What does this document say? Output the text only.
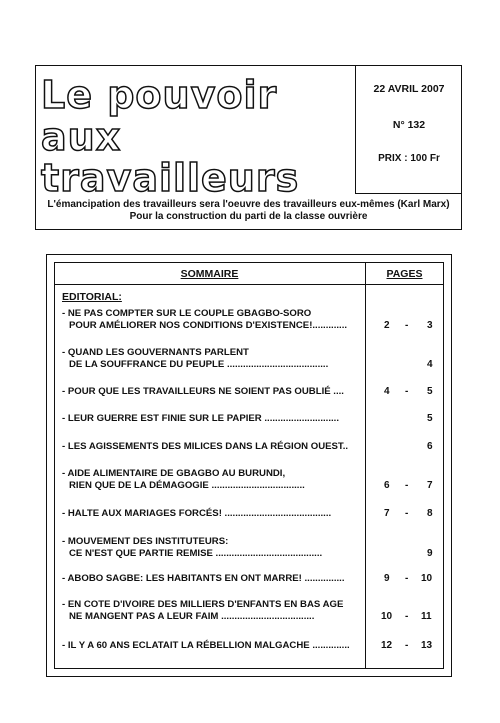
22 AVRIL 2007
N° 132
PRIX : 100 Fr
Le pouvoir
aux
travailleurs
L'émancipation des travailleurs sera l'oeuvre des travailleurs eux-mêmes (Karl Marx)
Pour la construction du parti de la classe ouvrière
SOMMAIRE	PAGES
EDITORIAL:
- NE PAS COMPTER SUR LE COUPLE GBAGBO-SORO
POUR AMÉLIORER NOS CONDITIONS D'EXISTENCE!.............	2 - 3
- QUAND LES GOUVERNANTS PARLENT
DE LA SOUFFRANCE DU PEUPLE ......................................	4
- POUR QUE LES TRAVAILLEURS NE SOIENT PAS OUBLIÉ ....	4 - 5
- LEUR GUERRE EST FINIE SUR LE PAPIER ............................	5
- LES AGISSEMENTS DES MILICES DANS LA RÉGION OUEST..	6
- AIDE ALIMENTAIRE DE GBAGBO AU BURUNDI,
RIEN QUE DE LA DÉMAGOGIE ...................................	6 - 7
- HALTE AUX MARIAGES FORCÉS! ........................................	7 - 8
- MOUVEMENT DES INSTITUTEURS:
CE N'EST QUE PARTIE REMISE ........................................	9
- ABOBO SAGBE: LES HABITANTS EN ONT MARRE! ...............	9 - 10
- EN COTE D'IVOIRE DES MILLIERS D'ENFANTS EN BAS AGE
NE MANGENT PAS A LEUR FAIM ...................................	10 - 11
- IL Y A 60 ANS ECLATAIT LA RÉBELLION MALGACHE ..............	12 - 13
